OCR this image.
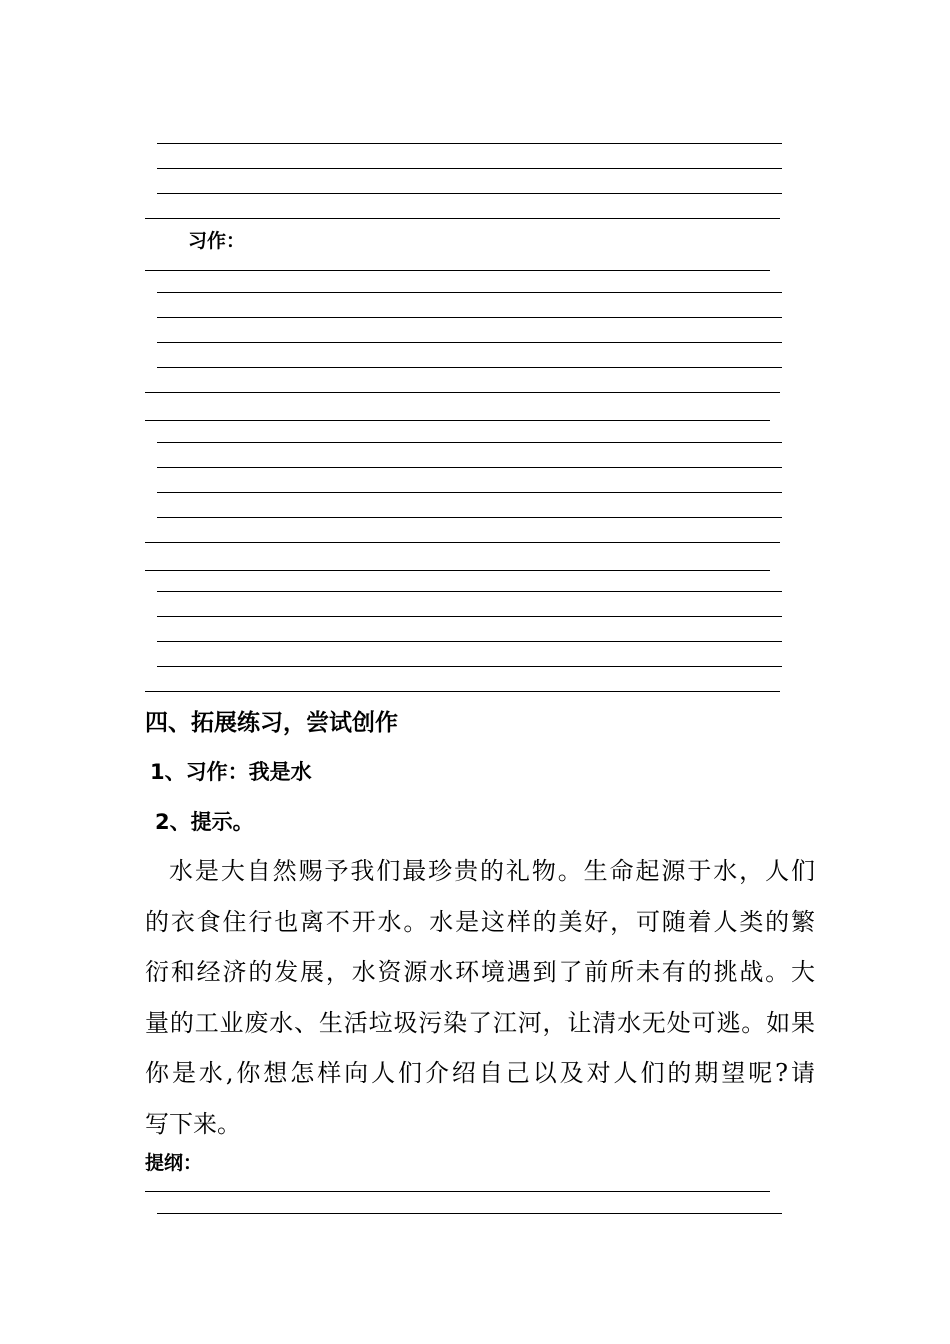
习作：
四、拓展练习，尝试创作
1、习作：我是水
2、提示。
水是大自然赐予我们最珍贵的礼物。生命起源于水，人们
的衣食住行也离不开水。水是这样的美好，可随着人类的繁
衍和经济的发展，水资源水环境遇到了前所未有的挑战。大
量的工业废水、生活垃圾污染了江河，让清水无处可逃。如果
你是水,你想怎样向人们介绍自己以及对人们的期望呢?请
写下来。
提纲：
